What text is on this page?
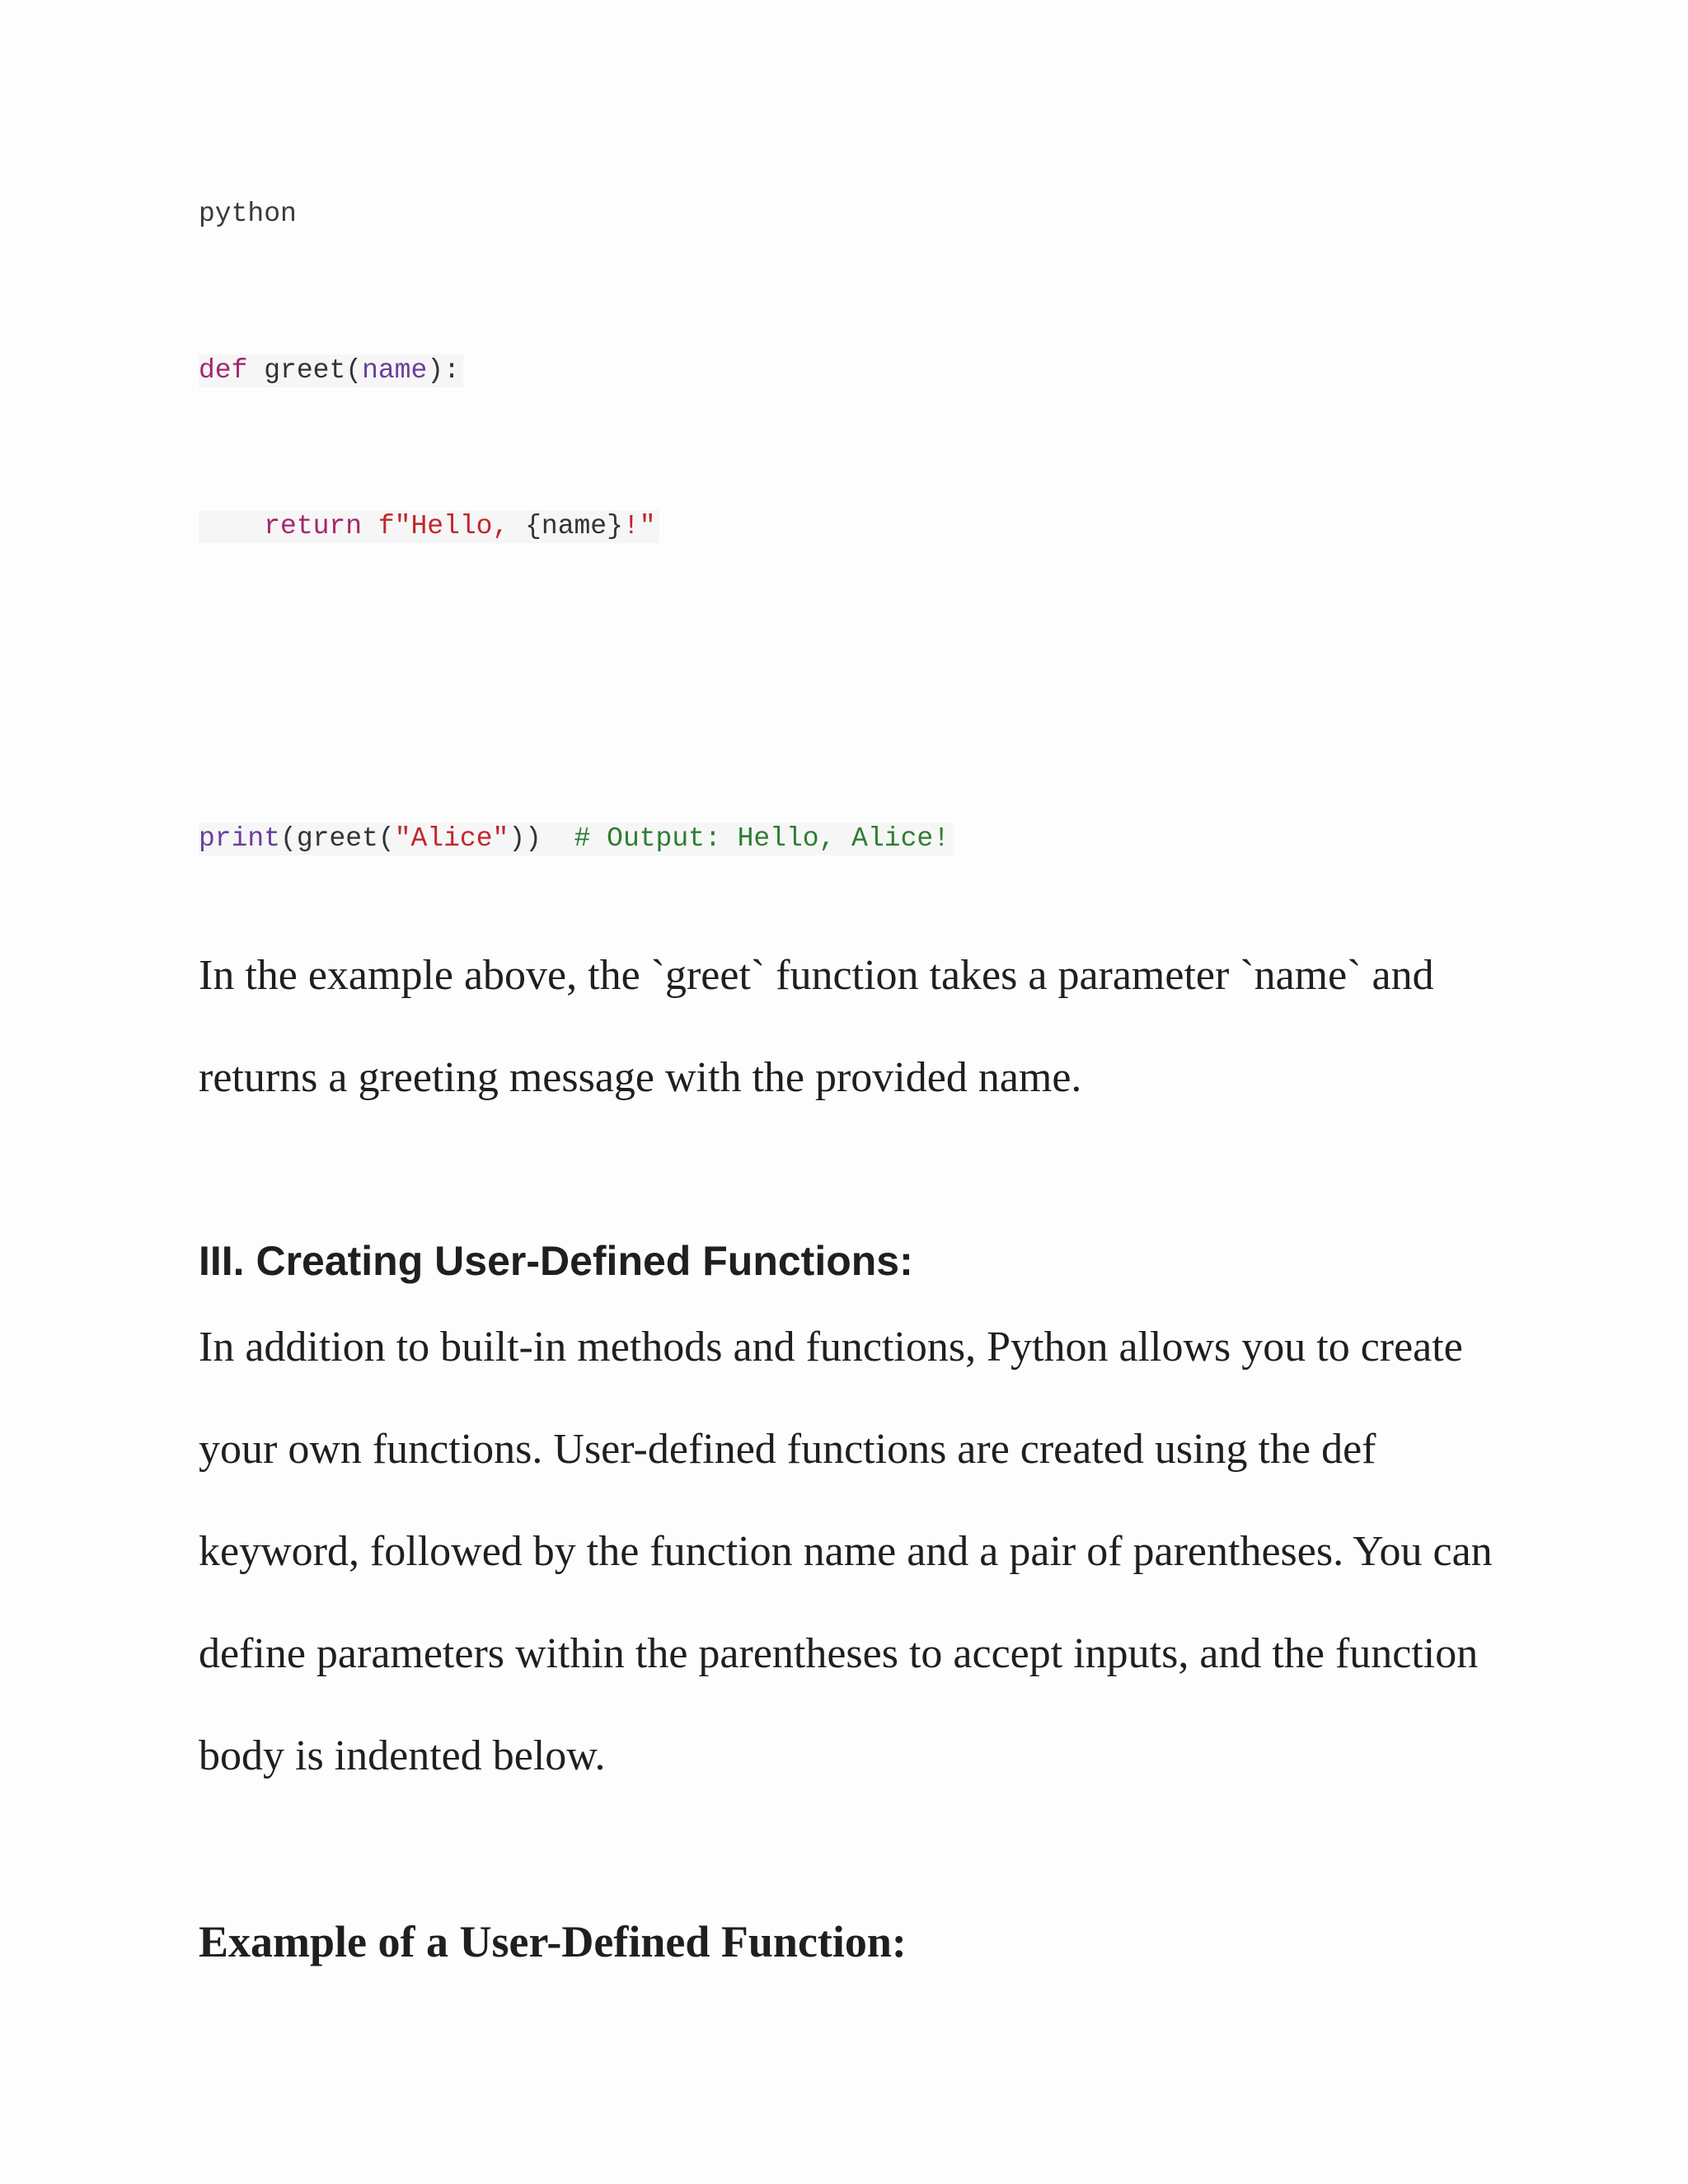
python
def greet(name):
return f"Hello, {name}!"
print(greet("Alice")) # Output: Hello, Alice!

In the example above, the `greet` function takes a parameter `name` and returns a greeting message with the provided name.

III. Creating User-Defined Functions:

In addition to built-in methods and functions, Python allows you to create your own functions. User-defined functions are created using the def keyword, followed by the function name and a pair of parentheses. You can define parameters within the parentheses to accept inputs, and the function body is indented below.

Example of a User-Defined Function:
